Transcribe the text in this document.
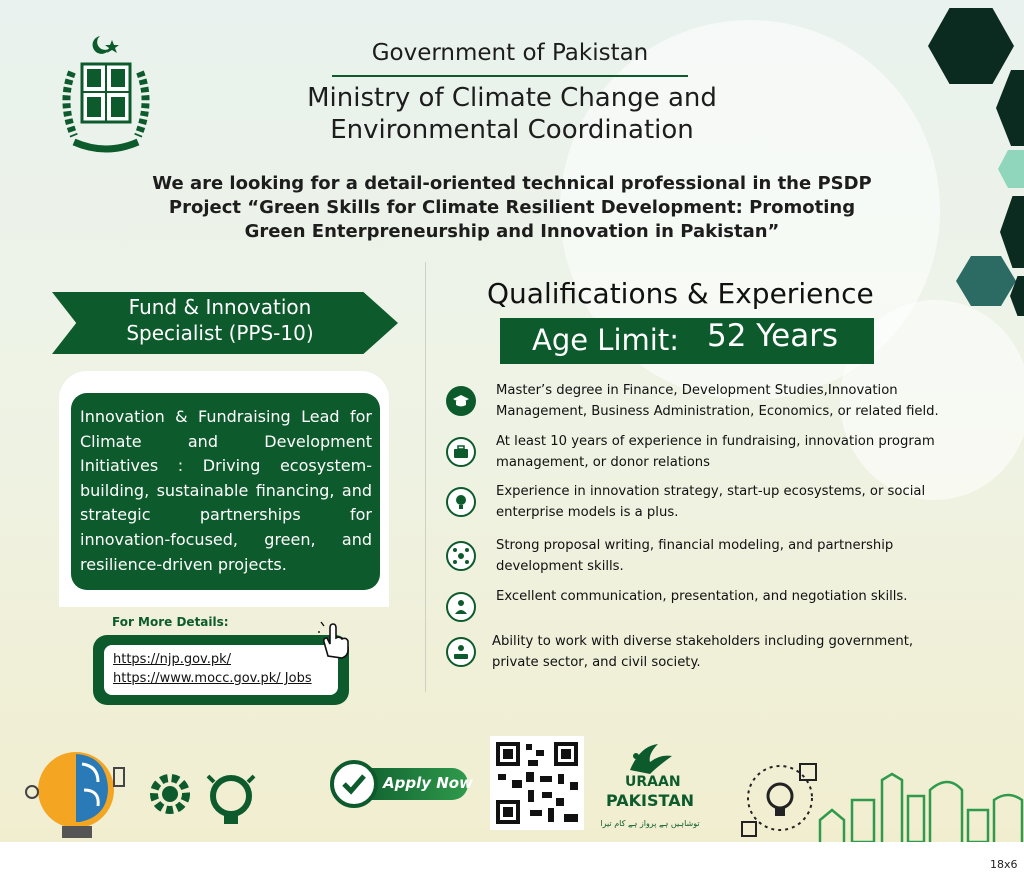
Government of Pakistan
Ministry of Climate Change and
Environmental Coordination
We are looking for a detail-oriented technical professional in the PSDP
Project “Green Skills for Climate Resilient Development: Promoting
Green Enterpreneurship and Innovation in Pakistan”
Fund & Innovation
Specialist (PPS-10)
Innovation & Fundraising Lead for Climate and Development Initiatives : Driving ecosystem-building, sustainable financing, and strategic partnerships for innovation-focused, green, and resilience-driven projects.
For More Details:
https://njp.gov.pk/
https://www.mocc.gov.pk/ Jobs
Qualifications & Experience
Age Limit: 52 Years
Master’s degree in Finance, Development Studies,Innovation
Management, Business Administration, Economics, or related field.
At least 10 years of experience in fundraising, innovation program
management, or donor relations
Experience in innovation strategy, start-up ecosystems, or social
enterprise models is a plus.
Strong proposal writing, financial modeling, and partnership
development skills.
Excellent communication, presentation, and negotiation skills.
Ability to work with diverse stakeholders including government,
private sector, and civil society.
Apply Now
توشاہیں ہے پرواز ہے کام تیرا
URAAN
PAKISTAN
18x6
